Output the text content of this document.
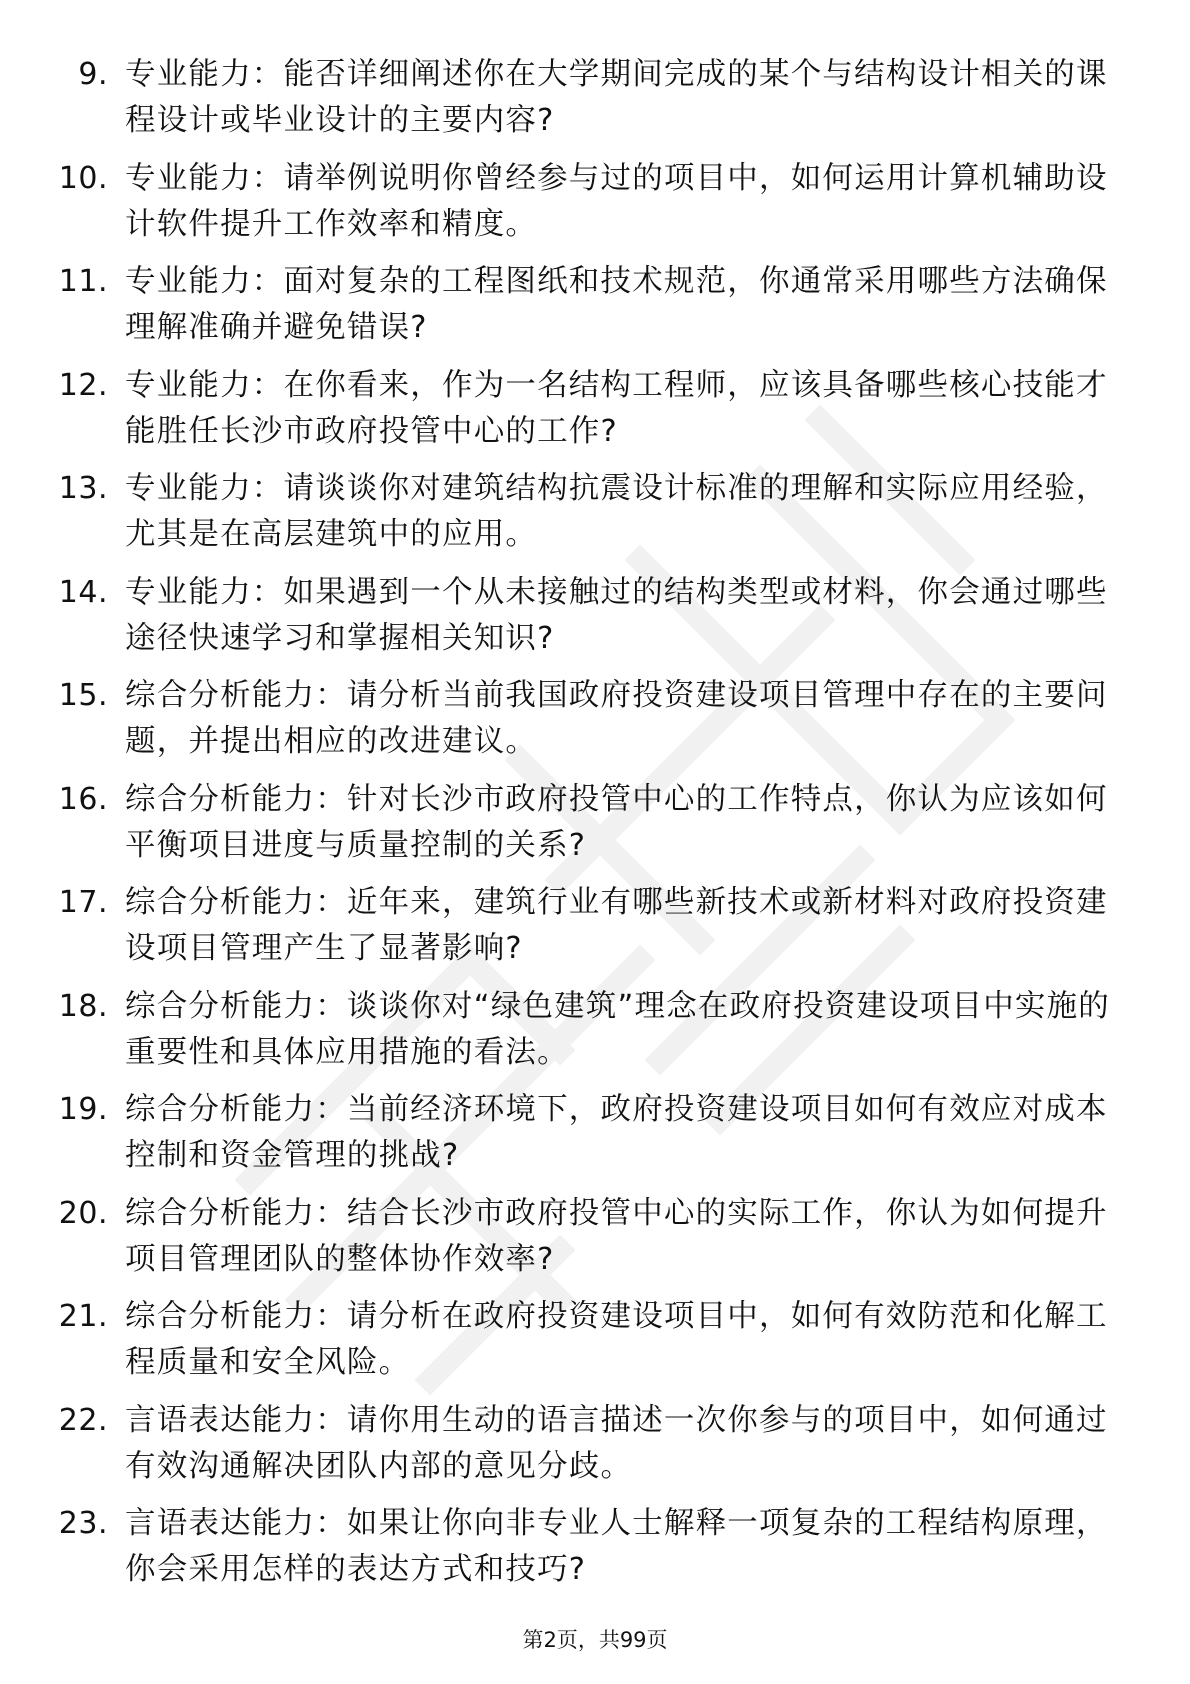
9. 专业能力：能否详细阐述你在大学期间完成的某个与结构设计相关的课程设计或毕业设计的主要内容?
10. 专业能力：请举例说明你曾经参与过的项目中，如何运用计算机辅助设计软件提升工作效率和精度。
11. 专业能力：面对复杂的工程图纸和技术规范，你通常采用哪些方法确保理解准确并避免错误?
12. 专业能力：在你看来，作为一名结构工程师，应该具备哪些核心技能才能胜任长沙市政府投管中心的工作?
13. 专业能力：请谈谈你对建筑结构抗震设计标准的理解和实际应用经验，尤其是在高层建筑中的应用。
14. 专业能力：如果遇到一个从未接触过的结构类型或材料，你会通过哪些途径快速学习和掌握相关知识?
15. 综合分析能力：请分析当前我国政府投资建设项目管理中存在的主要问题，并提出相应的改进建议。
16. 综合分析能力：针对长沙市政府投管中心的工作特点，你认为应该如何平衡项目进度与质量控制的关系?
17. 综合分析能力：近年来，建筑行业有哪些新技术或新材料对政府投资建设项目管理产生了显著影响?
18. 综合分析能力：谈谈你对“绿色建筑”理念在政府投资建设项目中实施的重要性和具体应用措施的看法。
19. 综合分析能力：当前经济环境下，政府投资建设项目如何有效应对成本控制和资金管理的挑战?
20. 综合分析能力：结合长沙市政府投管中心的实际工作，你认为如何提升项目管理团队的整体协作效率?
21. 综合分析能力：请分析在政府投资建设项目中，如何有效防范和化解工程质量和安全风险。
22. 言语表达能力：请你用生动的语言描述一次你参与的项目中，如何通过有效沟通解决团队内部的意见分歧。
23. 言语表达能力：如果让你向非专业人士解释一项复杂的工程结构原理，你会采用怎样的表达方式和技巧?
第2页，共99页
